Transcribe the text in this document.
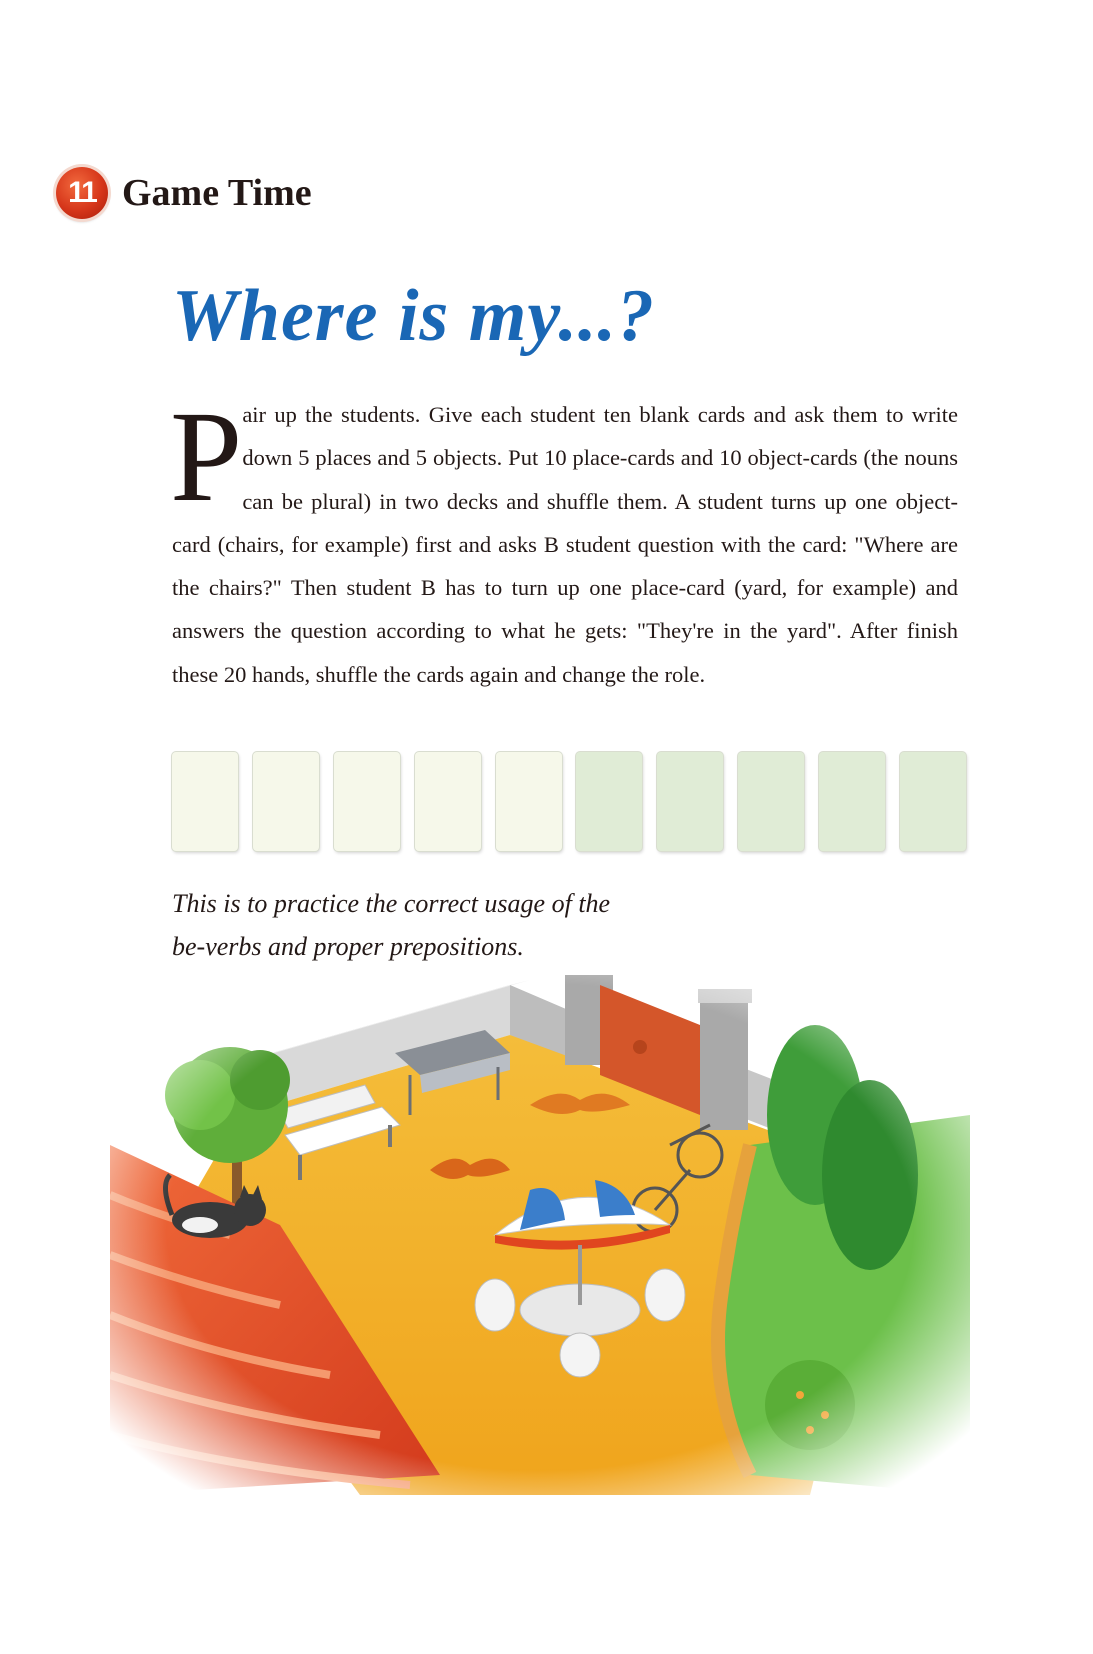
11 Game Time
Where is my...?
P air up the students. Give each student ten blank cards and ask them to write down 5 places and 5 objects. Put 10 place-cards and 10 object-cards (the nouns can be plural) in two decks and shuffle them. A student turns up one object-card (chairs, for example) first and asks B student question with the card: "Where are the chairs?" Then student B has to turn up one place-card (yard, for example) and answers the question according to what he gets: "They're in the yard". After finish these 20 hands, shuffle the cards again and change the role.

This is to practice the correct usage of the
be-verbs and proper prepositions.
